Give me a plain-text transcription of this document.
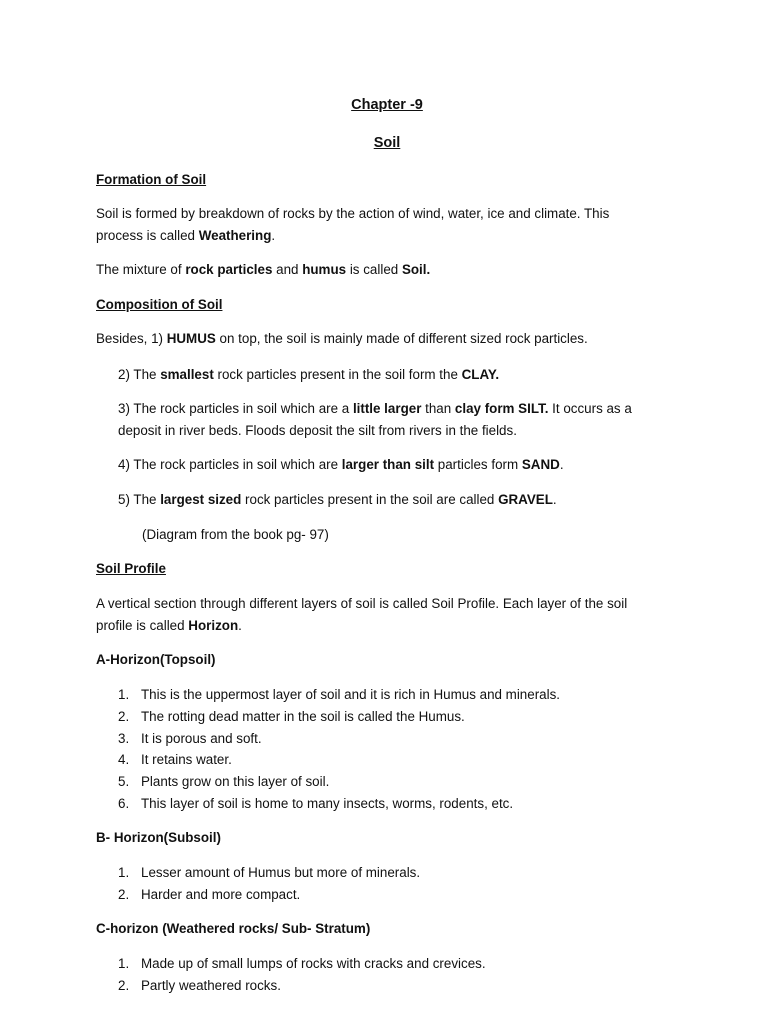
Chapter -9
Soil
Formation of Soil
Soil is formed by breakdown of rocks by the action of wind, water, ice and climate. This
process is called Weathering.
The mixture of rock particles and humus is called Soil.
Composition of Soil
Besides, 1) HUMUS on top, the soil is mainly made of different sized rock particles.
2) The smallest rock particles present in the soil form the CLAY.
3) The rock particles in soil which are a little larger than clay form SILT. It occurs as a
deposit in river beds. Floods deposit the silt from rivers in the fields.
4) The rock particles in soil which are larger than silt particles form SAND.
5) The largest sized rock particles present in the soil are called GRAVEL.
(Diagram from the book pg- 97)
Soil Profile
A vertical section through different layers of soil is called Soil Profile. Each layer of the soil
profile is called Horizon.
A-Horizon(Topsoil)
1. This is the uppermost layer of soil and it is rich in Humus and minerals.
2. The rotting dead matter in the soil is called the Humus.
3. It is porous and soft.
4. It retains water.
5. Plants grow on this layer of soil.
6. This layer of soil is home to many insects, worms, rodents, etc.
B- Horizon(Subsoil)
1. Lesser amount of Humus but more of minerals.
2. Harder and more compact.
C-horizon (Weathered rocks/ Sub- Stratum)
1. Made up of small lumps of rocks with cracks and crevices.
2. Partly weathered rocks.
